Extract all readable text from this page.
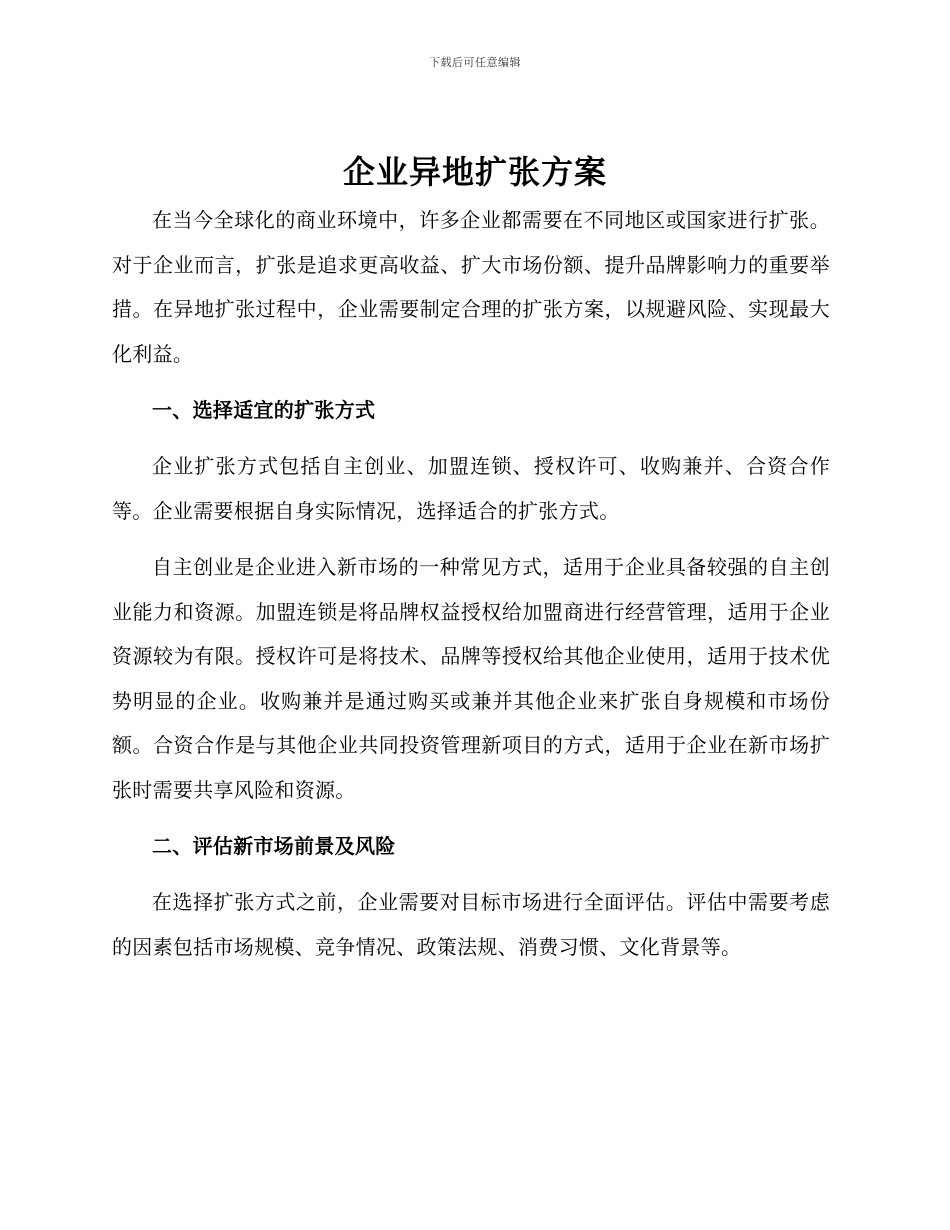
下载后可任意编辑
企业异地扩张方案

在当今全球化的商业环境中，许多企业都需要在不同地区或国家进行扩张。对于企业而言，扩张是追求更高收益、扩大市场份额、提升品牌影响力的重要举措。在异地扩张过程中，企业需要制定合理的扩张方案，以规避风险、实现最大化利益。

一、选择适宜的扩张方式

企业扩张方式包括自主创业、加盟连锁、授权许可、收购兼并、合资合作等。企业需要根据自身实际情况，选择适合的扩张方式。

自主创业是企业进入新市场的一种常见方式，适用于企业具备较强的自主创业能力和资源。加盟连锁是将品牌权益授权给加盟商进行经营管理，适用于企业资源较为有限。授权许可是将技术、品牌等授权给其他企业使用，适用于技术优势明显的企业。收购兼并是通过购买或兼并其他企业来扩张自身规模和市场份额。合资合作是与其他企业共同投资管理新项目的方式，适用于企业在新市场扩张时需要共享风险和资源。

二、评估新市场前景及风险

在选择扩张方式之前，企业需要对目标市场进行全面评估。评估中需要考虑的因素包括市场规模、竞争情况、政策法规、消费习惯、文化背景等。
